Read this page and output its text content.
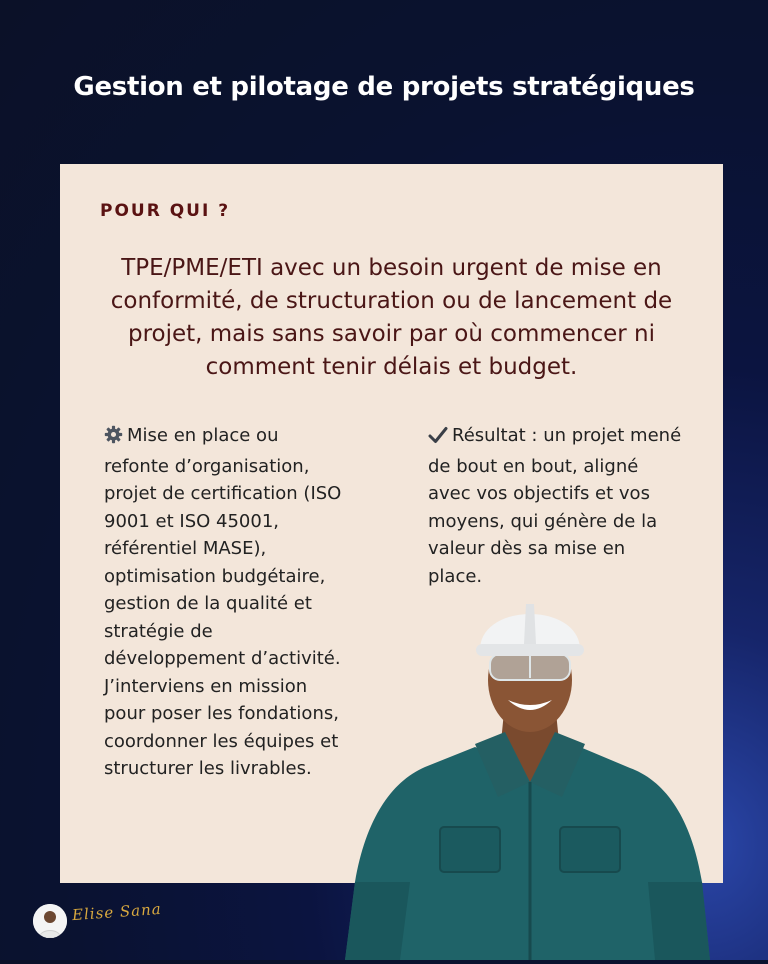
Gestion et pilotage de projets stratégiques
POUR QUI ?
TPE/PME/ETI avec un besoin urgent de mise en conformité, de structuration ou de lancement de projet, mais sans savoir par où commencer ni comment tenir délais et budget.
Mise en place ou refonte d’organisation, projet de certification (ISO 9001 et ISO 45001, référentiel MASE), optimisation budgétaire, gestion de la qualité et stratégie de développement d’activité.
J’interviens en mission pour poser les fondations, coordonner les équipes et structurer les livrables.
Résultat : un projet mené de bout en bout, aligné avec vos objectifs et vos moyens, qui génère de la valeur dès sa mise en place.
Elise Sana
